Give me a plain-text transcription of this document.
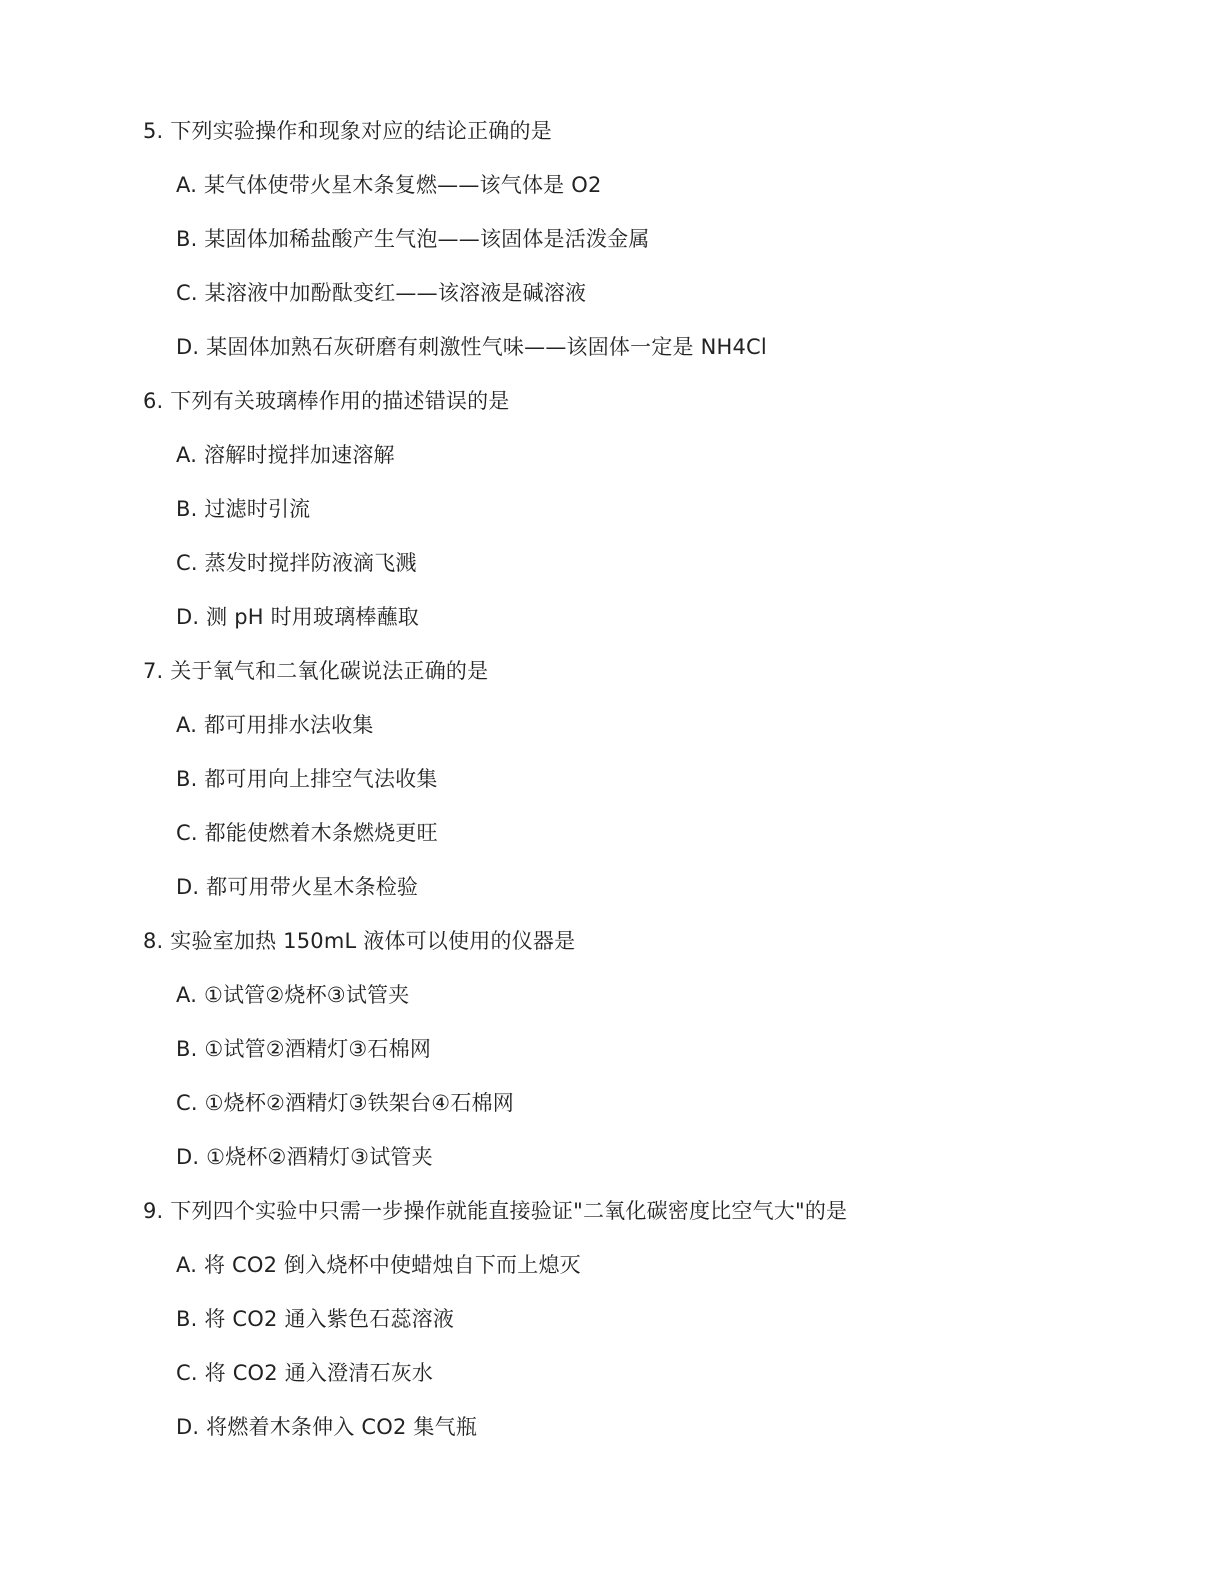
5. 下列实验操作和现象对应的结论正确的是
A. 某气体使带火星木条复燃——该气体是 O2
B. 某固体加稀盐酸产生气泡——该固体是活泼金属
C. 某溶液中加酚酞变红——该溶液是碱溶液
D. 某固体加熟石灰研磨有刺激性气味——该固体一定是 NH4Cl
6. 下列有关玻璃棒作用的描述错误的是
A. 溶解时搅拌加速溶解
B. 过滤时引流
C. 蒸发时搅拌防液滴飞溅
D. 测 pH 时用玻璃棒蘸取
7. 关于氧气和二氧化碳说法正确的是
A. 都可用排水法收集
B. 都可用向上排空气法收集
C. 都能使燃着木条燃烧更旺
D. 都可用带火星木条检验
8. 实验室加热 150mL 液体可以使用的仪器是
A. ①试管②烧杯③试管夹
B. ①试管②酒精灯③石棉网
C. ①烧杯②酒精灯③铁架台④石棉网
D. ①烧杯②酒精灯③试管夹
9. 下列四个实验中只需一步操作就能直接验证"二氧化碳密度比空气大"的是
A. 将 CO2 倒入烧杯中使蜡烛自下而上熄灭
B. 将 CO2 通入紫色石蕊溶液
C. 将 CO2 通入澄清石灰水
D. 将燃着木条伸入 CO2 集气瓶
